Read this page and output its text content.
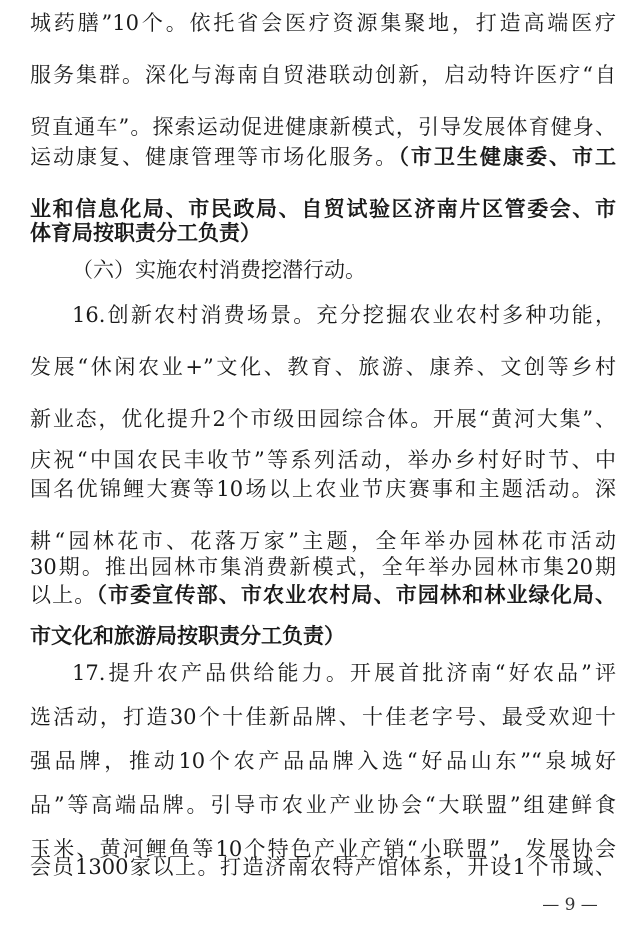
城药膳”10个。依托省会医疗资源集聚地，打造高端医疗
服务集群。深化与海南自贸港联动创新，启动特许医疗“自
贸直通车”。探索运动促进健康新模式，引导发展体育健身、
运动康复、健康管理等市场化服务。（市卫生健康委、市工
业和信息化局、市民政局、自贸试验区济南片区管委会、市
体育局按职责分工负责）
（六）实施农村消费挖潜行动。
16.创新农村消费场景。充分挖掘农业农村多种功能，
发展“休闲农业+”文化、教育、旅游、康养、文创等乡村
新业态，优化提升2个市级田园综合体。开展“黄河大集”、
庆祝“中国农民丰收节”等系列活动，举办乡村好时节、中
国名优锦鲤大赛等10场以上农业节庆赛事和主题活动。深
耕“园林花市、花落万家”主题，全年举办园林花市活动
30期。推出园林市集消费新模式，全年举办园林市集20期
以上。（市委宣传部、市农业农村局、市园林和林业绿化局、
市文化和旅游局按职责分工负责）
17.提升农产品供给能力。开展首批济南“好农品”评
选活动，打造30个十佳新品牌、十佳老字号、最受欢迎十
强品牌，推动10个农产品品牌入选“好品山东”“泉城好
品”等高端品牌。引导市农业产业协会“大联盟”组建鲜食
玉米、黄河鲤鱼等10个特色产业产销“小联盟”，发展协会
会员1300家以上。打造济南农特产馆体系，开设1个市域、
— 9 —
